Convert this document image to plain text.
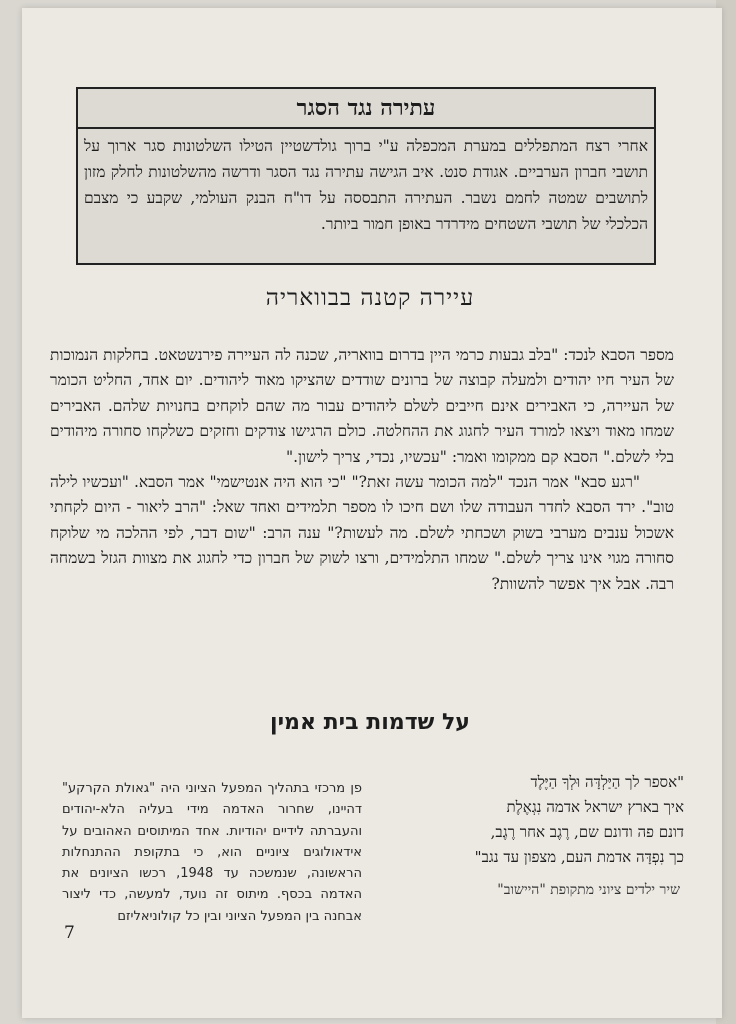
עתירה נגד הסגר
אחרי רצח המתפללים במערת המכפלה ע"י ברוך גולדשטיין הטילו השלטונות סגר ארוך על תושבי חברון הערביים. אגודת סנט. איב הגישה עתירה נגד הסגר ודרשה מהשלטונות לחלק מזון לתושבים שמטה לחמם נשבר. העתירה התבססה על דו"ח הבנק העולמי, שקבע כי מצבם הכלכלי של תושבי השטחים מידרדר באופן חמור ביותר.
עיירה קטנה בבוואריה

מספר הסבא לנכד: "בלב גבעות כרמי היין בדרום בוואריה, שכנה לה העיירה פירנשטאט. בחלקות הנמוכות של העיר חיו יהודים ולמעלה קבוצה של ברונים שודדים שהציקו מאוד ליהודים. יום אחד, החליט הכומר של העיירה, כי האבירים אינם חייבים לשלם ליהודים עבור מה שהם לוקחים בחנויות שלהם. האבירים שמחו מאוד ויצאו למורד העיר לחגוג את ההחלטה. כולם הרגישו צודקים וחזקים כשלקחו סחורה מיהודים בלי לשלם." הסבא קם ממקומו ואמר: "עכשיו, נכדי, צריך לישון."

"רגע סבא" אמר הנכד "למה הכומר עשה זאת?" "כי הוא היה אנטישמי" אמר הסבא. "ועכשיו לילה טוב". ירד הסבא לחדר העבודה שלו ושם חיכו לו מספר תלמידים ואחד שאל: "הרב ליאור - היום לקחתי אשכול ענבים מערבי בשוק ושכחתי לשלם. מה לעשות?" ענה הרב: "שום דבר, לפי ההלכה מי שלוקח סחורה מגוי אינו צריך לשלם." שמחו התלמידים, ורצו לשוק של חברון כדי לחגוג את מצוות הגזל בשמחה רבה. אבל איך אפשר להשוות?

על שדמות בית אמין
"אספר לך הַיַּלְדָּה וּלְךָ הַיֶּלֶד
איך בארץ ישראל אדמה נִגְאֶלֶת
דונם פה ודונם שם, רֶגֶב אחר רֶגֶב,
כך נִפְדָּה אדמת העם, מצפון עד נגב"
שיר ילדים ציוני מתקופת "היישוב"
פן מרכזי בתהליך המפעל הציוני היה "גאולת הקרקע" דהיינו, שחרור האדמה מידי בעליה הלא-יהודים והעברתה לידיים יהודיות. אחד המיתוסים האהובים על אידאולוגים ציוניים הוא, כי בתקופת ההתנחלות הראשונה, שנמשכה עד 1948, רכשו הציונים את האדמה בכסף. מיתוס זה נועד, למעשה, כדי ליצור אבחנה בין המפעל הציוני ובין כל קולוניאליזם
7
